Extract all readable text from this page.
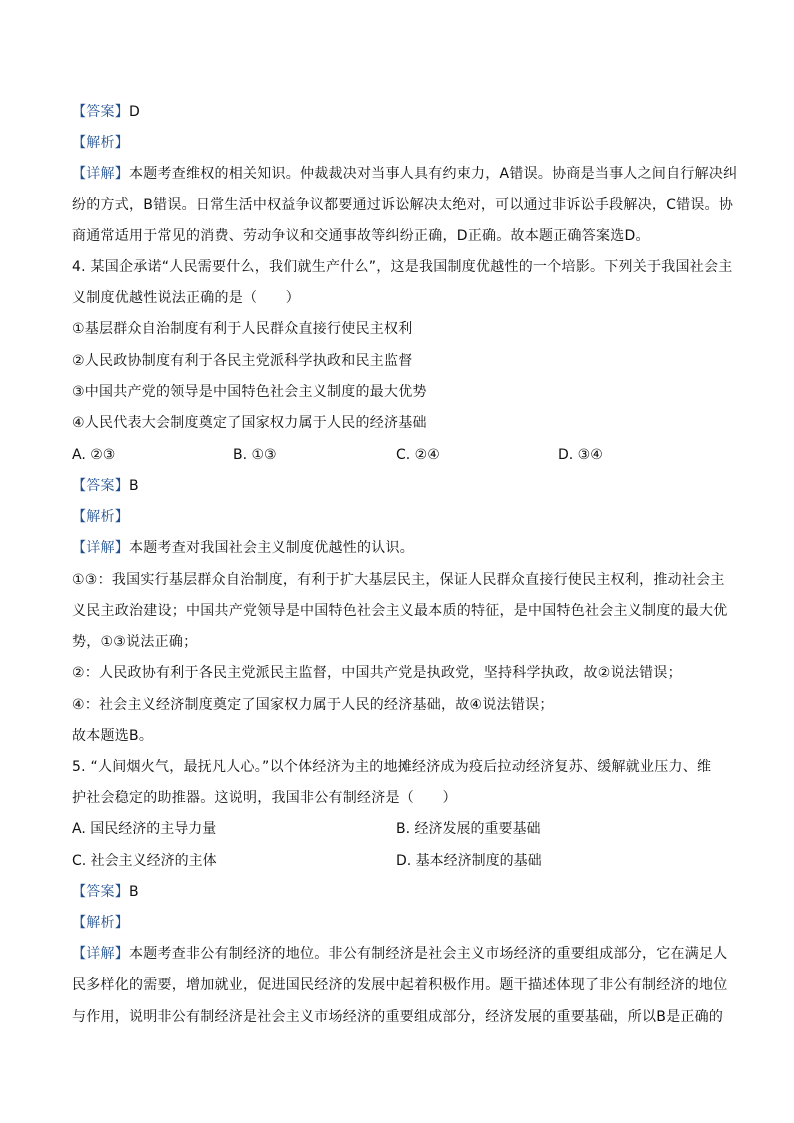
【答案】D
【解析】
【详解】本题考查维权的相关知识。仲裁裁决对当事人具有约束力，A错误。协商是当事人之间自行解决纠
纷的方式，B错误。日常生活中权益争议都要通过诉讼解决太绝对，可以通过非诉讼手段解决，C错误。协
商通常适用于常见的消费、劳动争议和交通事故等纠纷正确，D正确。故本题正确答案选D。
4. 某国企承诺“人民需要什么，我们就生产什么”，这是我国制度优越性的一个培影。下列关于我国社会主
义制度优越性说法正确的是（　　）
①基层群众自治制度有利于人民群众直接行使民主权利
②人民政协制度有利于各民主党派科学执政和民主监督
③中国共产党的领导是中国特色社会主义制度的最大优势
④人民代表大会制度奠定了国家权力属于人民的经济基础
A. ②③	B. ①③	C. ②④	D. ③④
【答案】B
【解析】
【详解】本题考查对我国社会主义制度优越性的认识。
①③：我国实行基层群众自治制度，有利于扩大基层民主，保证人民群众直接行使民主权利，推动社会主
义民主政治建设；中国共产党领导是中国特色社会主义最本质的特征，是中国特色社会主义制度的最大优
势，①③说法正确；
②：人民政协有利于各民主党派民主监督，中国共产党是执政党，坚持科学执政，故②说法错误；
④：社会主义经济制度奠定了国家权力属于人民的经济基础，故④说法错误；
故本题选B。
5. “人间烟火气，最抚凡人心。”以个体经济为主的地摊经济成为疫后拉动经济复苏、缓解就业压力、维
护社会稳定的助推器。这说明，我国非公有制经济是（　　）
A. 国民经济的主导力量	B. 经济发展的重要基础
C. 社会主义经济的主体	D. 基本经济制度的基础
【答案】B
【解析】
【详解】本题考查非公有制经济的地位。非公有制经济是社会主义市场经济的重要组成部分，它在满足人
民多样化的需要，增加就业，促进国民经济的发展中起着积极作用。题干描述体现了非公有制经济的地位
与作用，说明非公有制经济是社会主义市场经济的重要组成部分，经济发展的重要基础，所以B是正确的
